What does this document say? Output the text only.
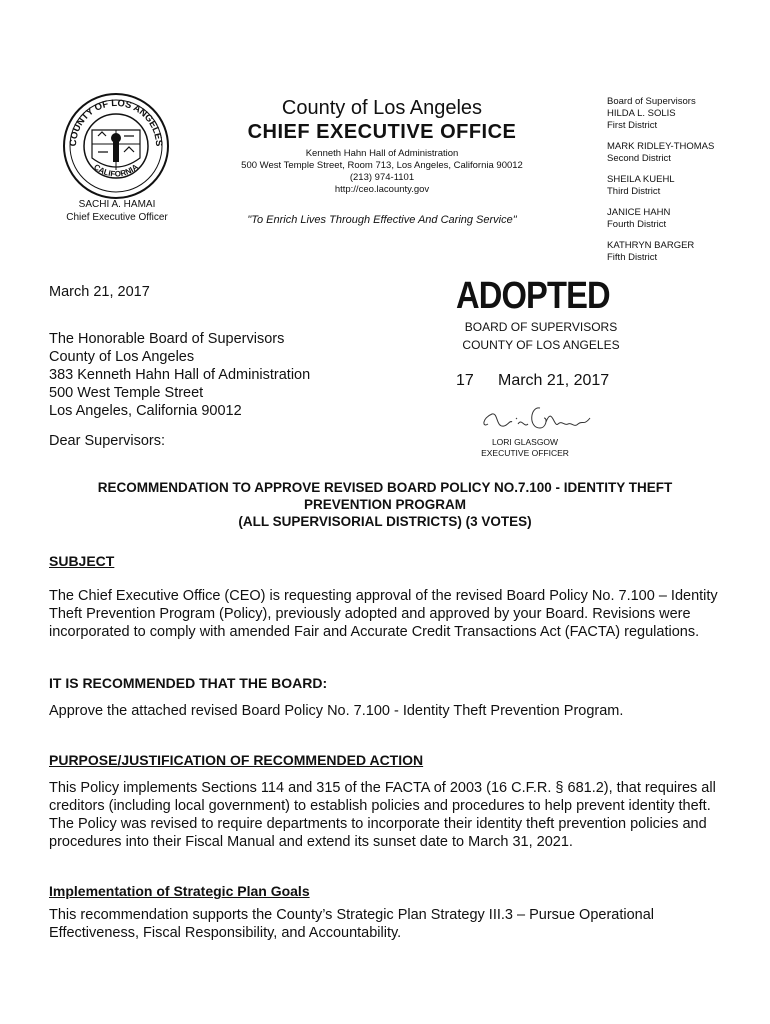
COUNTY OF LOS ANGELES
CALIFORNIA
SACHI A. HAMAI
Chief Executive Officer
County of Los Angeles
CHIEF EXECUTIVE OFFICE
Kenneth Hahn Hall of Administration
500 West Temple Street, Room 713, Los Angeles, California 90012
(213) 974-1101
http://ceo.lacounty.gov
"To Enrich Lives Through Effective And Caring Service"
Board of Supervisors
HILDA L. SOLIS
First District
MARK RIDLEY-THOMAS
Second District
SHEILA KUEHL
Third District
JANICE HAHN
Fourth District
KATHRYN BARGER
Fifth District
March 21, 2017
The Honorable Board of Supervisors
County of Los Angeles
383 Kenneth Hahn Hall of Administration
500 West Temple Street
Los Angeles, California 90012
Dear Supervisors:
ADOPTED
BOARD OF SUPERVISORS
COUNTY OF LOS ANGELES
17 March 21, 2017
LORI GLASGOW
EXECUTIVE OFFICER
RECOMMENDATION TO APPROVE REVISED BOARD POLICY NO.7.100 - IDENTITY THEFT
PREVENTION PROGRAM
(ALL SUPERVISORIAL DISTRICTS) (3 VOTES)
SUBJECT
The Chief Executive Office (CEO) is requesting approval of the revised Board Policy No. 7.100 – Identity Theft Prevention Program (Policy), previously adopted and approved by your Board. Revisions were incorporated to comply with amended Fair and Accurate Credit Transactions Act (FACTA) regulations.
IT IS RECOMMENDED THAT THE BOARD:
Approve the attached revised Board Policy No. 7.100 - Identity Theft Prevention Program.
PURPOSE/JUSTIFICATION OF RECOMMENDED ACTION
This Policy implements Sections 114 and 315 of the FACTA of 2003 (16 C.F.R. § 681.2), that requires all creditors (including local government) to establish policies and procedures to help prevent identity theft. The Policy was revised to require departments to incorporate their identity theft prevention policies and procedures into their Fiscal Manual and extend its sunset date to March 31, 2021.
Implementation of Strategic Plan Goals
This recommendation supports the County’s Strategic Plan Strategy III.3 – Pursue Operational Effectiveness, Fiscal Responsibility, and Accountability.
